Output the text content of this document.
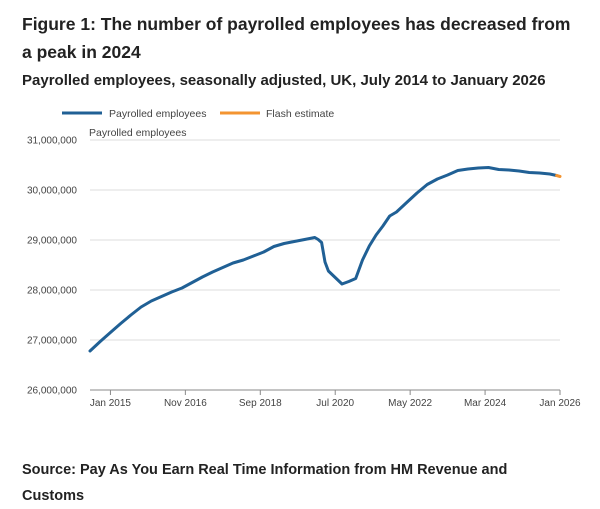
Figure 1: The number of payrolled employees has decreased from a peak in 2024
Payrolled employees, seasonally adjusted, UK, July 2014 to January 2026
Payrolled employees	Flash estimate
Payrolled employees
26,000,000
27,000,000
28,000,000
29,000,000
30,000,000
31,000,000
Jan 2015	Nov 2016	Sep 2018	Jul 2020	May 2022	Mar 2024	Jan 2026
Source: Pay As You Earn Real Time Information from HM Revenue and Customs
